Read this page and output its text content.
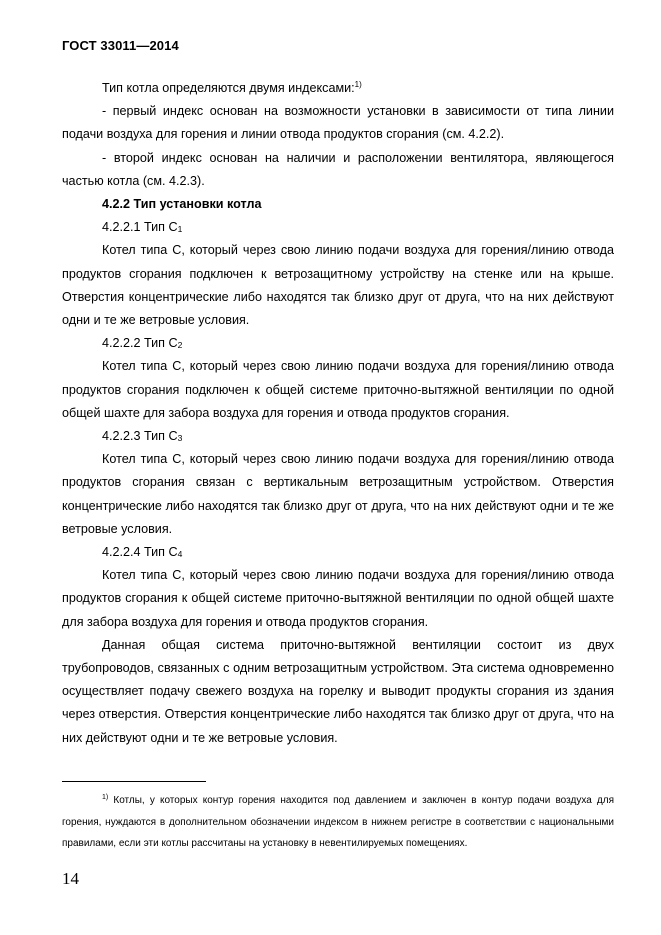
ГОСТ 33011—2014

Тип котла определяются двумя индексами:$^{1)}$

- первый индекс основан на возможности установки в зависимости от типа линии подачи воздуха для горения и линии отвода продуктов сгорания (см. 4.2.2).

- второй индекс основан на наличии и расположении вентилятора, являющегося частью котла (см. 4.2.3).

4.2.2 Тип установки котла

4.2.2.1 Тип $C_1$

Котел типа C, который через свою линию подачи воздуха для горения/линию отвода продуктов сгорания подключен к ветрозащитному устройству на стенке или на крыше. Отверстия концентрические либо находятся так близко друг от друга, что на них действуют одни и те же ветровые условия.

4.2.2.2 Тип $C_2$

Котел типа C, который через свою линию подачи воздуха для горения/линию отвода продуктов сгорания подключен к общей системе приточно-вытяжной вентиляции по одной общей шахте для забора воздуха для горения и отвода продуктов сгорания.

4.2.2.3 Тип $C_3$

Котел типа C, который через свою линию подачи воздуха для горения/линию отвода продуктов сгорания связан с вертикальным ветрозащитным устройством. Отверстия концентрические либо находятся так близко друг от друга, что на них действуют одни и те же ветровые условия.

4.2.2.4 Тип $C_4$

Котел типа C, который через свою линию подачи воздуха для горения/линию отвода продуктов сгорания к общей системе приточно-вытяжной вентиляции по одной общей шахте для забора воздуха для горения и отвода продуктов сгорания.

Данная общая система приточно-вытяжной вентиляции состоит из двух трубопроводов, связанных с одним ветрозащитным устройством. Эта система одновременно осуществляет подачу свежего воздуха на горелку и выводит продукты сгорания из здания через отверстия. Отверстия концентрические либо находятся так близко друг от друга, что на них действуют одни и те же ветровые условия.

$^{1)}$ Котлы, у которых контур горения находится под давлением и заключен в контур подачи воздуха для горения, нуждаются в дополнительном обозначении индексом в нижнем регистре в соответствии с национальными правилами, если эти котлы рассчитаны на установку в невентилируемых помещениях.
14
